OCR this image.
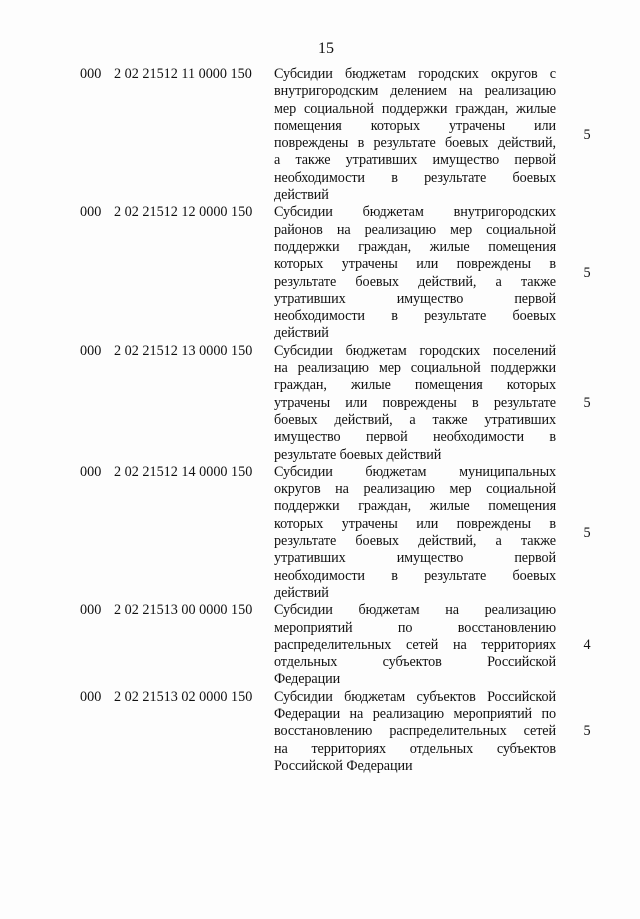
15
000 2 02 21512 11 0000 150	Субсидии бюджетам городских округов с
внутригородским делением на реализацию
мер социальной поддержки граждан, жилые
помещения которых утрачены или
повреждены в результате боевых действий,
а также утративших имущество первой
необходимости в результате боевых
действий
5
000 2 02 21512 12 0000 150	Субсидии бюджетам внутригородских
районов на реализацию мер социальной
поддержки граждан, жилые помещения
которых утрачены или повреждены в
результате боевых действий, а также
утративших имущество первой
необходимости в результате боевых
действий
5
000 2 02 21512 13 0000 150	Субсидии бюджетам городских поселений
на реализацию мер социальной поддержки
граждан, жилые помещения которых
утрачены или повреждены в результате
боевых действий, а также утративших
имущество первой необходимости в
результате боевых действий
5
000 2 02 21512 14 0000 150	Субсидии бюджетам муниципальных
округов на реализацию мер социальной
поддержки граждан, жилые помещения
которых утрачены или повреждены в
результате боевых действий, а также
утративших имущество первой
необходимости в результате боевых
действий
5
000 2 02 21513 00 0000 150	Субсидии бюджетам на реализацию
мероприятий по восстановлению
распределительных сетей на территориях
отдельных субъектов Российской
Федерации
4
000 2 02 21513 02 0000 150	Субсидии бюджетам субъектов Российской
Федерации на реализацию мероприятий по
восстановлению распределительных сетей
на территориях отдельных субъектов
Российской Федерации
5
